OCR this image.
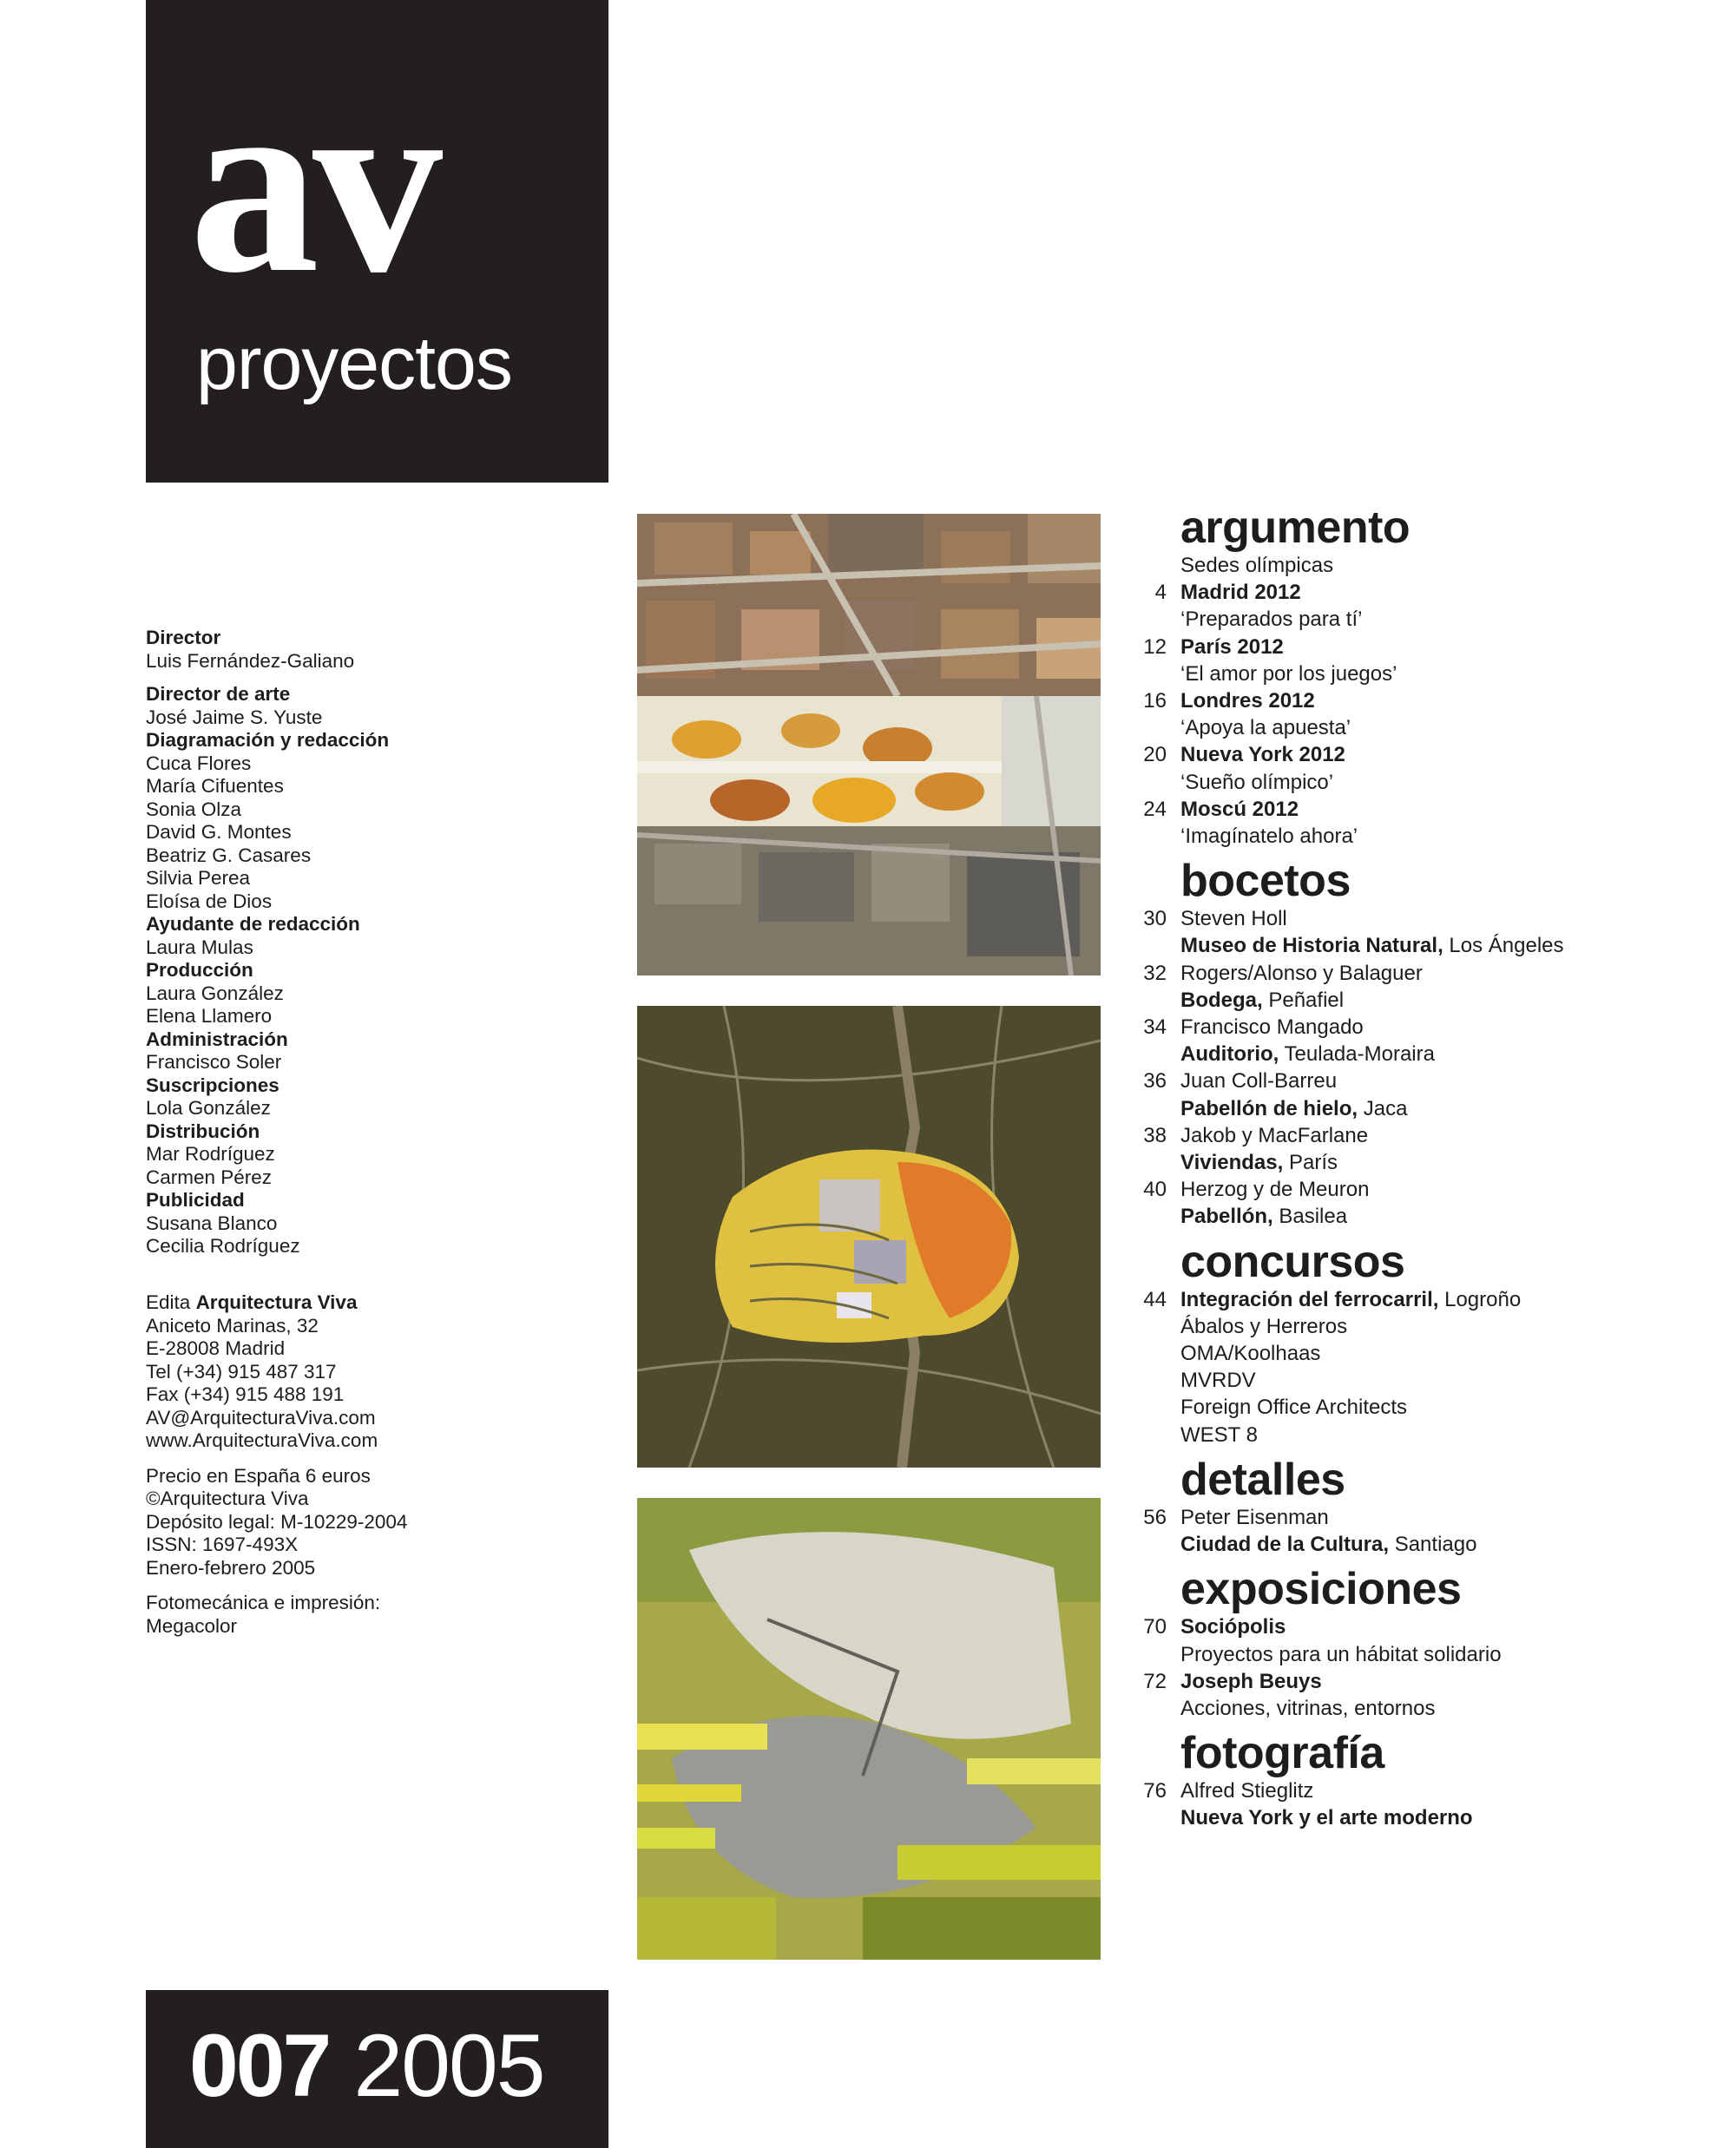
av
proyectos
Director
Luis Fernández-Galiano
Director de arte
José Jaime S. Yuste
Diagramación y redacción
Cuca Flores
María Cifuentes
Sonia Olza
David G. Montes
Beatriz G. Casares
Silvia Perea
Eloísa de Dios
Ayudante de redacción
Laura Mulas
Producción
Laura González
Elena Llamero
Administración
Francisco Soler
Suscripciones
Lola González
Distribución
Mar Rodríguez
Carmen Pérez
Publicidad
Susana Blanco
Cecilia Rodríguez
Edita Arquitectura Viva
Aniceto Marinas, 32
E-28008 Madrid
Tel (+34) 915 487 317
Fax (+34) 915 488 191
AV@ArquitecturaViva.com
www.ArquitecturaViva.com
Precio en España 6 euros
©Arquitectura Viva
Depósito legal: M-10229-2004
ISSN: 1697-493X
Enero-febrero 2005
Fotomecánica e impresión:
Megacolor
argumento
Sedes olímpicas
4 Madrid 2012
‘Preparados para tí’
12 París 2012
‘El amor por los juegos’
16 Londres 2012
‘Apoya la apuesta’
20 Nueva York 2012
‘Sueño olímpico’
24 Moscú 2012
‘Imagínatelo ahora’
bocetos
30 Steven Holl
Museo de Historia Natural, Los Ángeles
32 Rogers/Alonso y Balaguer
Bodega, Peñafiel
34 Francisco Mangado
Auditorio, Teulada-Moraira
36 Juan Coll-Barreu
Pabellón de hielo, Jaca
38 Jakob y MacFarlane
Viviendas, París
40 Herzog y de Meuron
Pabellón, Basilea
concursos
44 Integración del ferrocarril, Logroño
Ábalos y Herreros
OMA/Koolhaas
MVRDV
Foreign Office Architects
WEST 8
detalles
56 Peter Eisenman
Ciudad de la Cultura, Santiago
exposiciones
70 Sociópolis
Proyectos para un hábitat solidario
72 Joseph Beuys
Acciones, vitrinas, entornos
fotografía
76 Alfred Stieglitz
Nueva York y el arte moderno
007 2005
